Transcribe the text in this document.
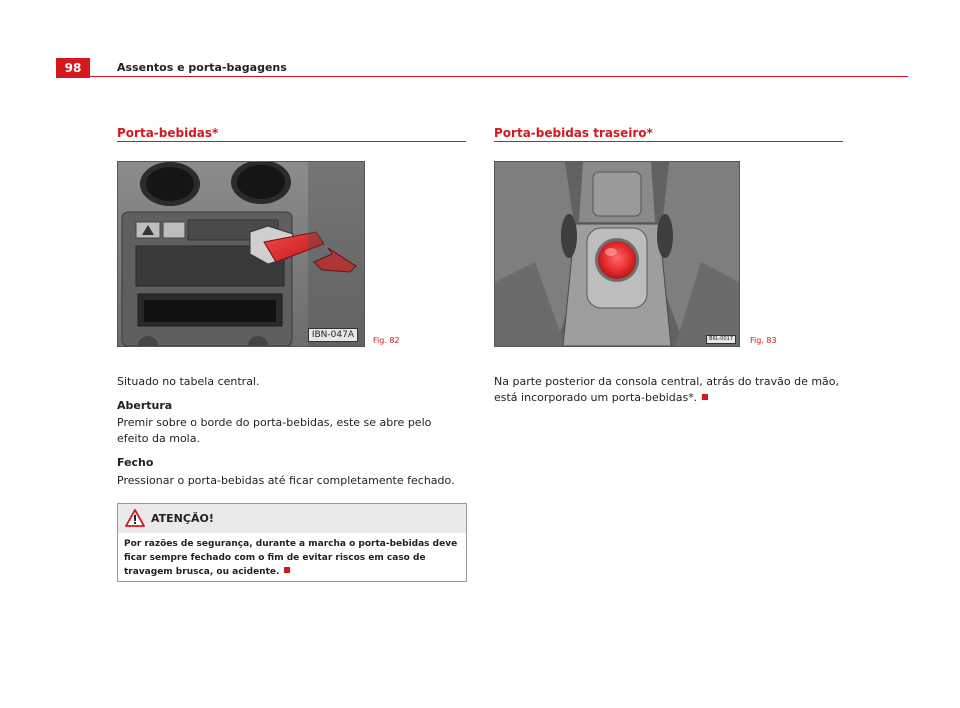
98	Assentos e porta-bagagens
Porta-bebidas*
IBN-047A
Fig. 82
Situado no tabela central.
Abertura
Premir sobre o borde do porta-bebidas, este se abre pelo efeito da mola.
Fecho
Pressionar o porta-bebidas até ficar completamente fechado.
ATENÇÃO!
Por razões de segurança, durante a marcha o porta-bebidas deve ficar sempre fechado com o fim de evitar riscos em caso de travagem brusca, ou acidente.
Porta-bebidas traseiro*
B6L-0017	Fig. 83
Na parte posterior da consola central, atrás do travão de mão, está incorporado um porta-bebidas*.
